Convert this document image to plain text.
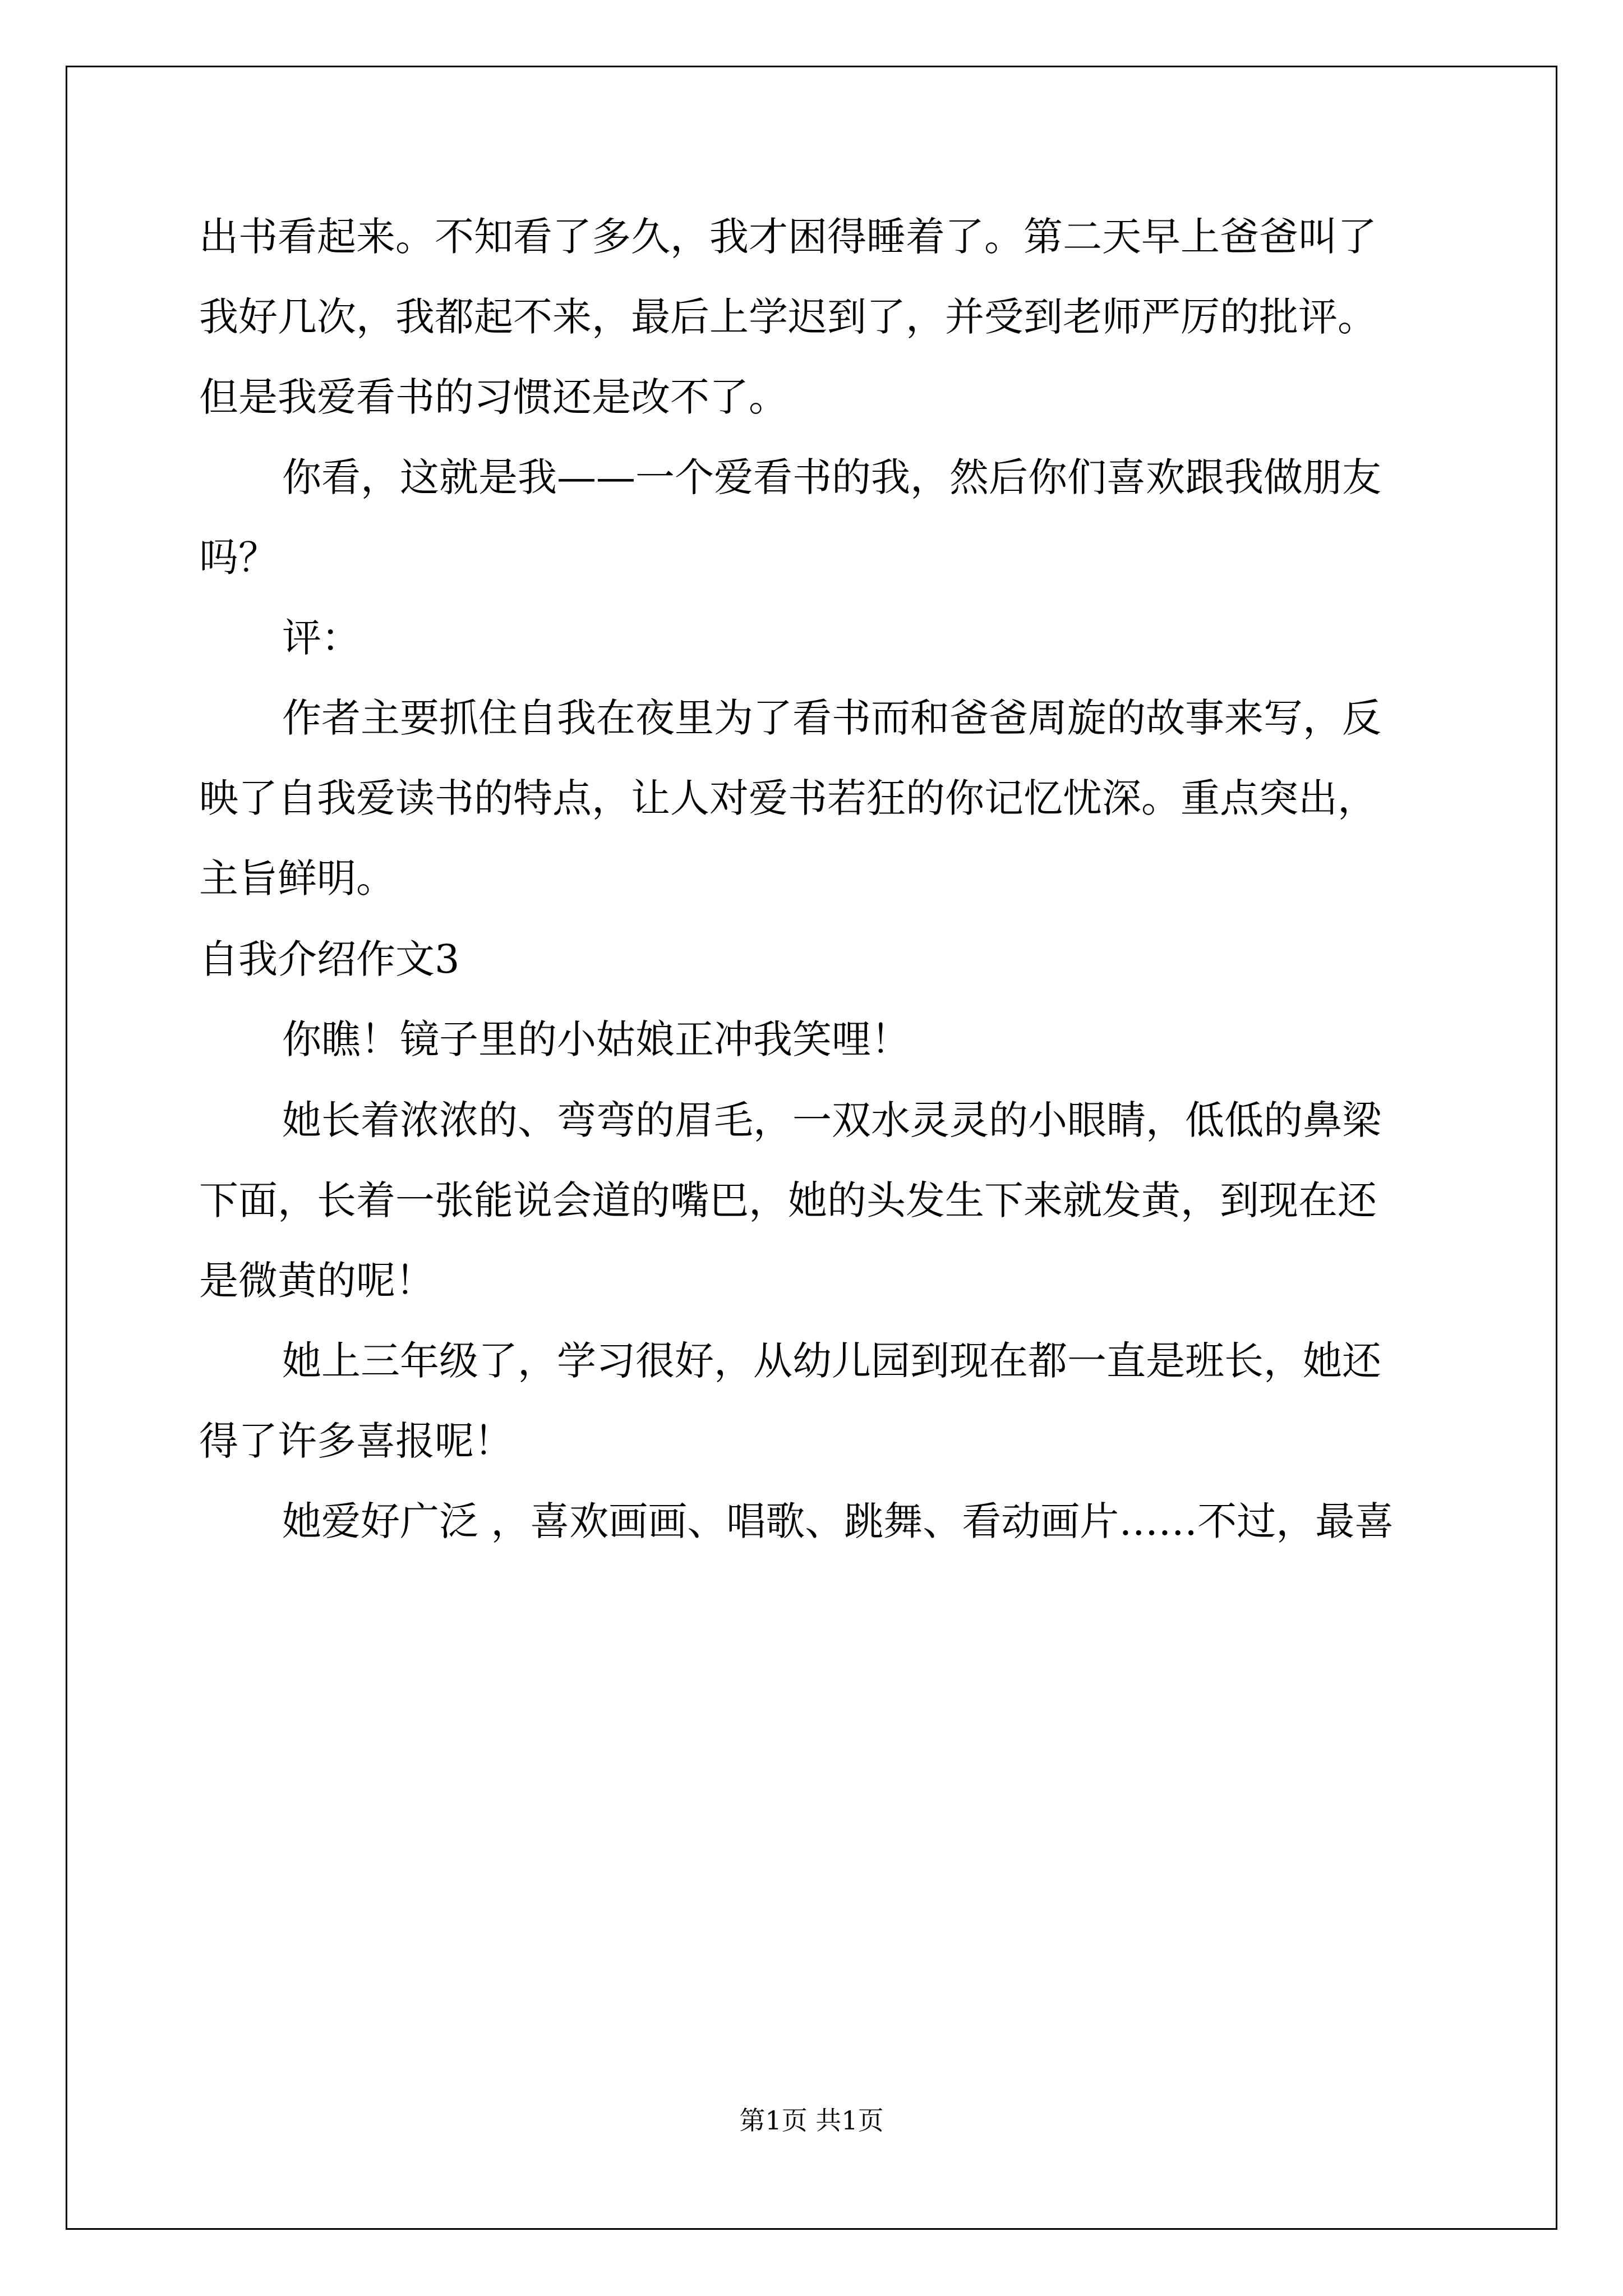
出书看起来。不知看了多久，我才困得睡着了。第二天早上爸爸叫了
我好几次，我都起不来，最后上学迟到了，并受到老师严厉的批评。
但是我爱看书的习惯还是改不了。
你看，这就是我——一个爱看书的我，然后你们喜欢跟我做朋友
吗？
评：
作者主要抓住自我在夜里为了看书而和爸爸周旋的故事来写，反
映了自我爱读书的特点，让人对爱书若狂的你记忆忧深。重点突出，
主旨鲜明。
自我介绍作文3
你瞧！镜子里的小姑娘正冲我笑哩！
她长着浓浓的、弯弯的眉毛，一双水灵灵的小眼睛，低低的鼻梁
下面，长着一张能说会道的嘴巴，她的头发生下来就发黄，到现在还
是微黄的呢！
她上三年级了，学习很好，从幼儿园到现在都一直是班长，她还
得了许多喜报呢！
她爱好广泛 ，喜欢画画、唱歌、跳舞、看动画片……不过，最喜
第1页 共1页
